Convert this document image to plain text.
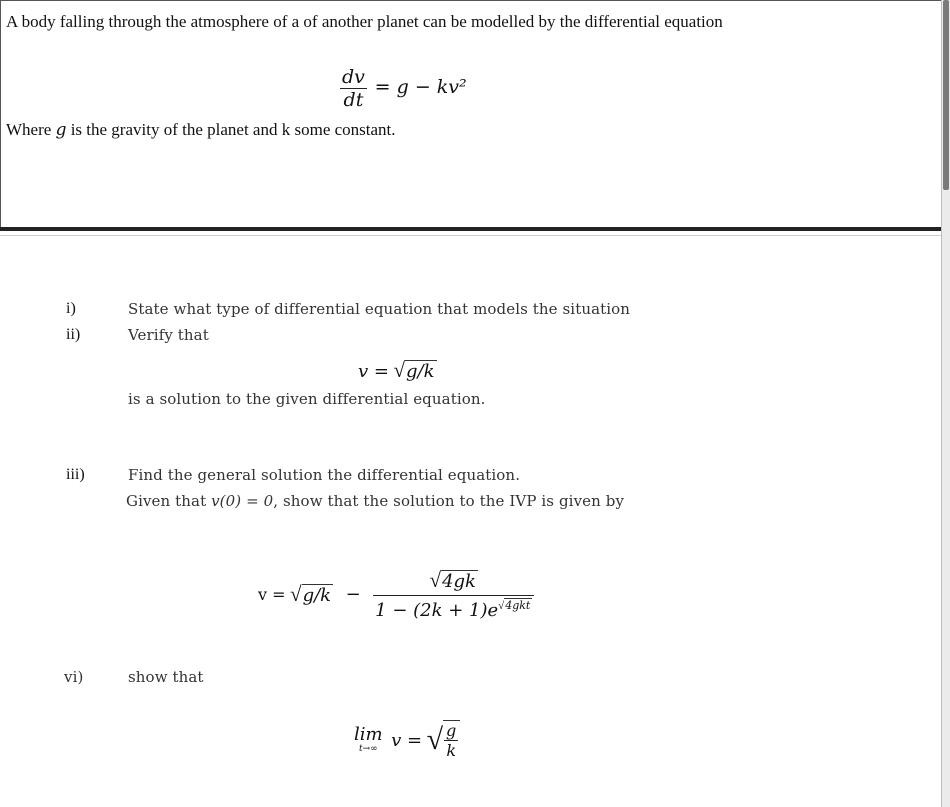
A body falling through the atmosphere of a of another planet can be modelled by the differential equation
$\frac{dv}{dt} = g - kv^2$
Where g is the gravity of the planet and k some constant.
i)	State what type of differential equation that models the situation
ii)	Verify that
v = √g/k
is a solution to the given differential equation.
iii)	Find the general solution the differential equation.
Given that v(0) = 0, show that the solution to the IVP is given by
$v = √g/k - \frac{√4gk}{1 - (2k + 1)e^{√4gkt}}$
vi)	show that
lim
t→∞ v = √ $\frac{g}{k}$
